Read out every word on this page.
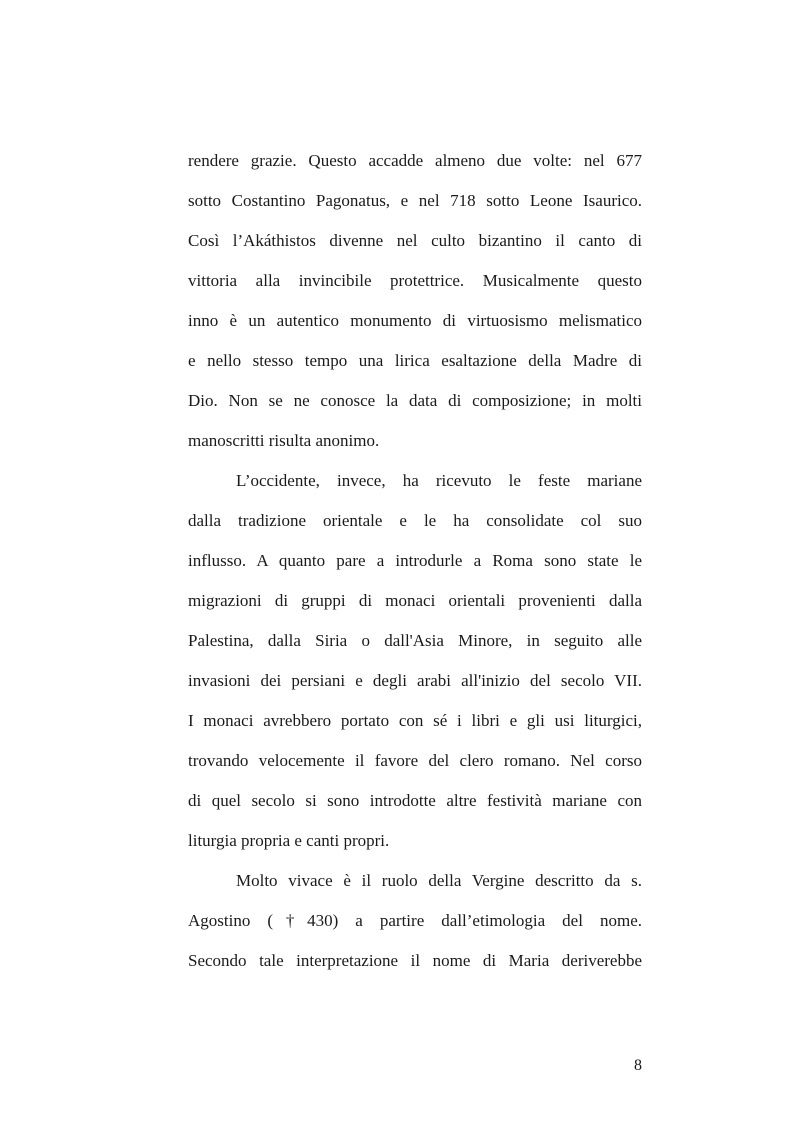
rendere grazie. Questo accadde almeno due volte: nel 677
sotto Costantino Pagonatus, e nel 718 sotto Leone Isaurico.
Così l’Akáthistos divenne nel culto bizantino il canto di
vittoria alla invincibile protettrice. Musicalmente questo
inno è un autentico monumento di virtuosismo melismatico
e nello stesso tempo una lirica esaltazione della Madre di
Dio. Non se ne conosce la data di composizione; in molti
manoscritti risulta anonimo.
L’occidente, invece, ha ricevuto le feste mariane
dalla tradizione orientale e le ha consolidate col suo
influsso. A quanto pare a introdurle a Roma sono state le
migrazioni di gruppi di monaci orientali provenienti dalla
Palestina, dalla Siria o dall'Asia Minore, in seguito alle
invasioni dei persiani e degli arabi all'inizio del secolo VII.
I monaci avrebbero portato con sé i libri e gli usi liturgici,
trovando velocemente il favore del clero romano. Nel corso
di quel secolo si sono introdotte altre festività mariane con
liturgia propria e canti propri.
Molto vivace è il ruolo della Vergine descritto da s.
Agostino (†430) a partire dall’etimologia del nome.
Secondo tale interpretazione il nome di Maria deriverebbe
8
